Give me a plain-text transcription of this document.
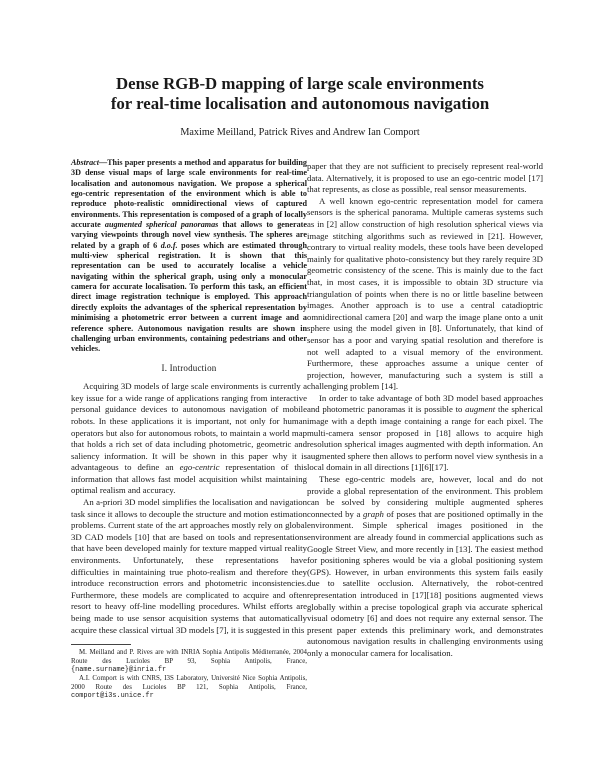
Dense RGB-D mapping of large scale environments
for real-time localisation and autonomous navigation
Maxime Meilland, Patrick Rives and Andrew Ian Comport
Abstract—This paper presents a method and apparatus for building 3D dense visual maps of large scale environments for real-time localisation and autonomous navigation. We propose a spherical ego-centric representation of the environment which is able to reproduce photo-realistic omnidirectional views of captured environments. This representation is composed of a graph of locally accurate augmented spherical panoramas that allows to generate varying viewpoints through novel view synthesis. The spheres are related by a graph of 6 d.o.f. poses which are estimated through multi-view spherical registration. It is shown that this representation can be used to accurately localise a vehicle navigating within the spherical graph, using only a monocular camera for accurate localisation. To perform this task, an efficient direct image registration technique is employed. This approach directly exploits the advantages of the spherical representation by minimising a photometric error between a current image and a reference sphere. Autonomous navigation results are shown in challenging urban environments, containing pedestrians and other vehicles.
I. Introduction

Acquiring 3D models of large scale environments is currently a key issue for a wide range of applications ranging from interactive personal guidance devices to autonomous navigation of mobile robots. In these applications it is important, not only for human operators but also for autonomous robots, to maintain a world map that holds a rich set of data including photometric, geometric and saliency information. It will be shown in this paper why it is advantageous to define an ego-centric representation of this information that allows fast model acquisition whilst maintaining optimal realism and accuracy.

An a-priori 3D model simplifies the localisation and navigation task since it allows to decouple the structure and motion estimation problems. Current state of the art approaches mostly rely on global 3D CAD models [10] that are based on tools and representations that have been developed mainly for texture mapped virtual reality environments. Unfortunately, these representations have difficulties in maintaining true photo-realism and therefore they introduce reconstruction errors and photometric inconsistencies. Furthermore, these models are complicated to acquire and often resort to heavy off-line modelling procedures. Whilst efforts are being made to use sensor acquisition systems that automatically acquire these classical virtual 3D models [7], it is suggested in this

M. Meilland and P. Rives are with INRIA Sophia Antipolis Méditerranée, 2004 Route des Lucioles BP 93, Sophia Antipolis, France, {name.surname}@inria.fr

A.I. Comport is with CNRS, I3S Laboratory, Université Nice Sophia Antipolis, 2000 Route des Lucioles BP 121, Sophia Antipolis, France, comport@i3s.unice.fr

paper that they are not sufficient to precisely represent real-world data. Alternatively, it is proposed to use an ego-centric model [17] that represents, as close as possible, real sensor measurements.

A well known ego-centric representation model for camera sensors is the spherical panorama. Multiple cameras systems such as in [2] allow construction of high resolution spherical views via image stitching algorithms such as reviewed in [21]. However, contrary to virtual reality models, these tools have been developed mainly for qualitative photo-consistency but they rarely require 3D geometric consistency of the scene. This is mainly due to the fact that, in most cases, it is impossible to obtain 3D structure via triangulation of points when there is no or little baseline between images. Another approach is to use a central catadioptric omnidirectional camera [20] and warp the image plane onto a unit sphere using the model given in [8]. Unfortunately, that kind of sensor has a poor and varying spatial resolution and therefore is not well adapted to a visual memory of the environment. Furthermore, these approaches assume a unique center of projection, however, manufacturing such a system is still a challenging problem [14].

In order to take advantage of both 3D model based approaches and photometric panoramas it is possible to augment the spherical image with a depth image containing a range for each pixel. The multi-camera sensor proposed in [18] allows to acquire high resolution spherical images augmented with depth information. An augmented sphere then allows to perform novel view synthesis in a local domain in all directions [1][6][17].

These ego-centric models are, however, local and do not provide a global representation of the environment. This problem can be solved by considering multiple augmented spheres connected by a graph of poses that are positioned optimally in the environment. Simple spherical images positioned in the environment are already found in commercial applications such as Google Street View, and more recently in [13]. The easiest method for positioning spheres would be via a global positioning system (GPS). However, in urban environments this system fails easily due to satellite occlusion. Alternatively, the robot-centred representation introduced in [17][18] positions augmented views globally within a precise topological graph via accurate spherical visual odometry [6] and does not require any external sensor. The present paper extends this preliminary work, and demonstrates autonomous navigation results in challenging environments using only a monocular camera for localisation.
